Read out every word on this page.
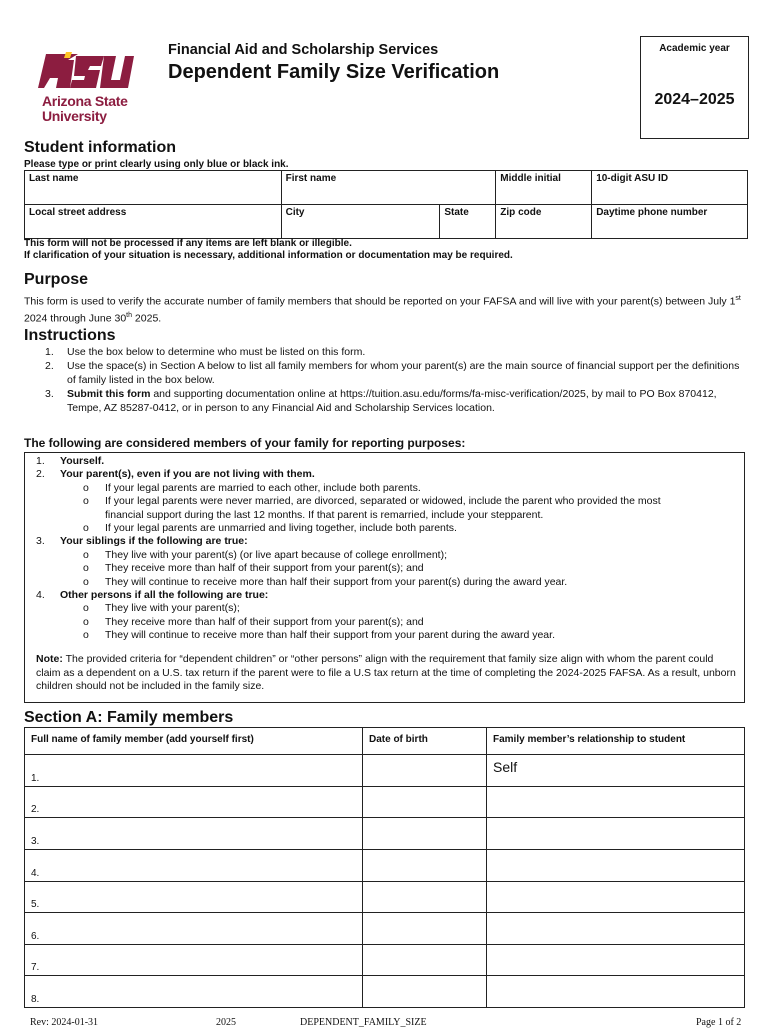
Arizona State
University
Financial Aid and Scholarship Services
Dependent Family Size Verification
Academic year
2024–2025
Student information
Please type or print clearly using only blue or black ink.
Last name	First name		Middle initial	10-digit ASU ID
Local street address	City	State	Zip code	Daytime phone number
This form will not be processed if any items are left blank or illegible.
If clarification of your situation is necessary, additional information or documentation may be required.
Purpose
This form is used to verify the accurate number of family members that should be reported on your FAFSA and will live with your parent(s) between July 1st 2024 through June 30th 2025.
Instructions
1. Use the box below to determine who must be listed on this form.
2. Use the space(s) in Section A below to list all family members for whom your parent(s) are the main source of financial support per the definitions of family listed in the box below.
3. Submit this form and supporting documentation online at https://tuition.asu.edu/forms/fa-misc-verification/2025, by mail to PO Box 870412, Tempe, AZ 85287-0412, or in person to any Financial Aid and Scholarship Services location.
The following are considered members of your family for reporting purposes:
1. Yourself.
2. Your parent(s), even if you are not living with them.
o If your legal parents are married to each other, include both parents.
o If your legal parents were never married, are divorced, separated or widowed, include the parent who provided the most
financial support during the last 12 months. If that parent is remarried, include your stepparent.
o If your legal parents are unmarried and living together, include both parents.
3. Your siblings if the following are true:
o They live with your parent(s) (or live apart because of college enrollment);
o They receive more than half of their support from your parent(s); and
o They will continue to receive more than half their support from your parent(s) during the award year.
4. Other persons if all the following are true:
o They live with your parent(s);
o They receive more than half of their support from your parent(s); and
o They will continue to receive more than half their support from your parent during the award year.
Note: The provided criteria for “dependent children” or “other persons” align with the requirement that family size align with whom the parent could claim as a dependent on a U.S. tax return if the parent were to file a U.S tax return at the time of completing the 2024-2025 FAFSA. As a result, unborn children should not be included in the family size.
Section A: Family members
Full name of family member (add yourself first)	Date of birth	Family member’s relationship to student
1.		Self
2.		
3.		
4.		
5.		
6.		
7.		
8.		
Rev: 2024-01-31	2025	DEPENDENT_FAMILY_SIZE	Page 1 of 2
